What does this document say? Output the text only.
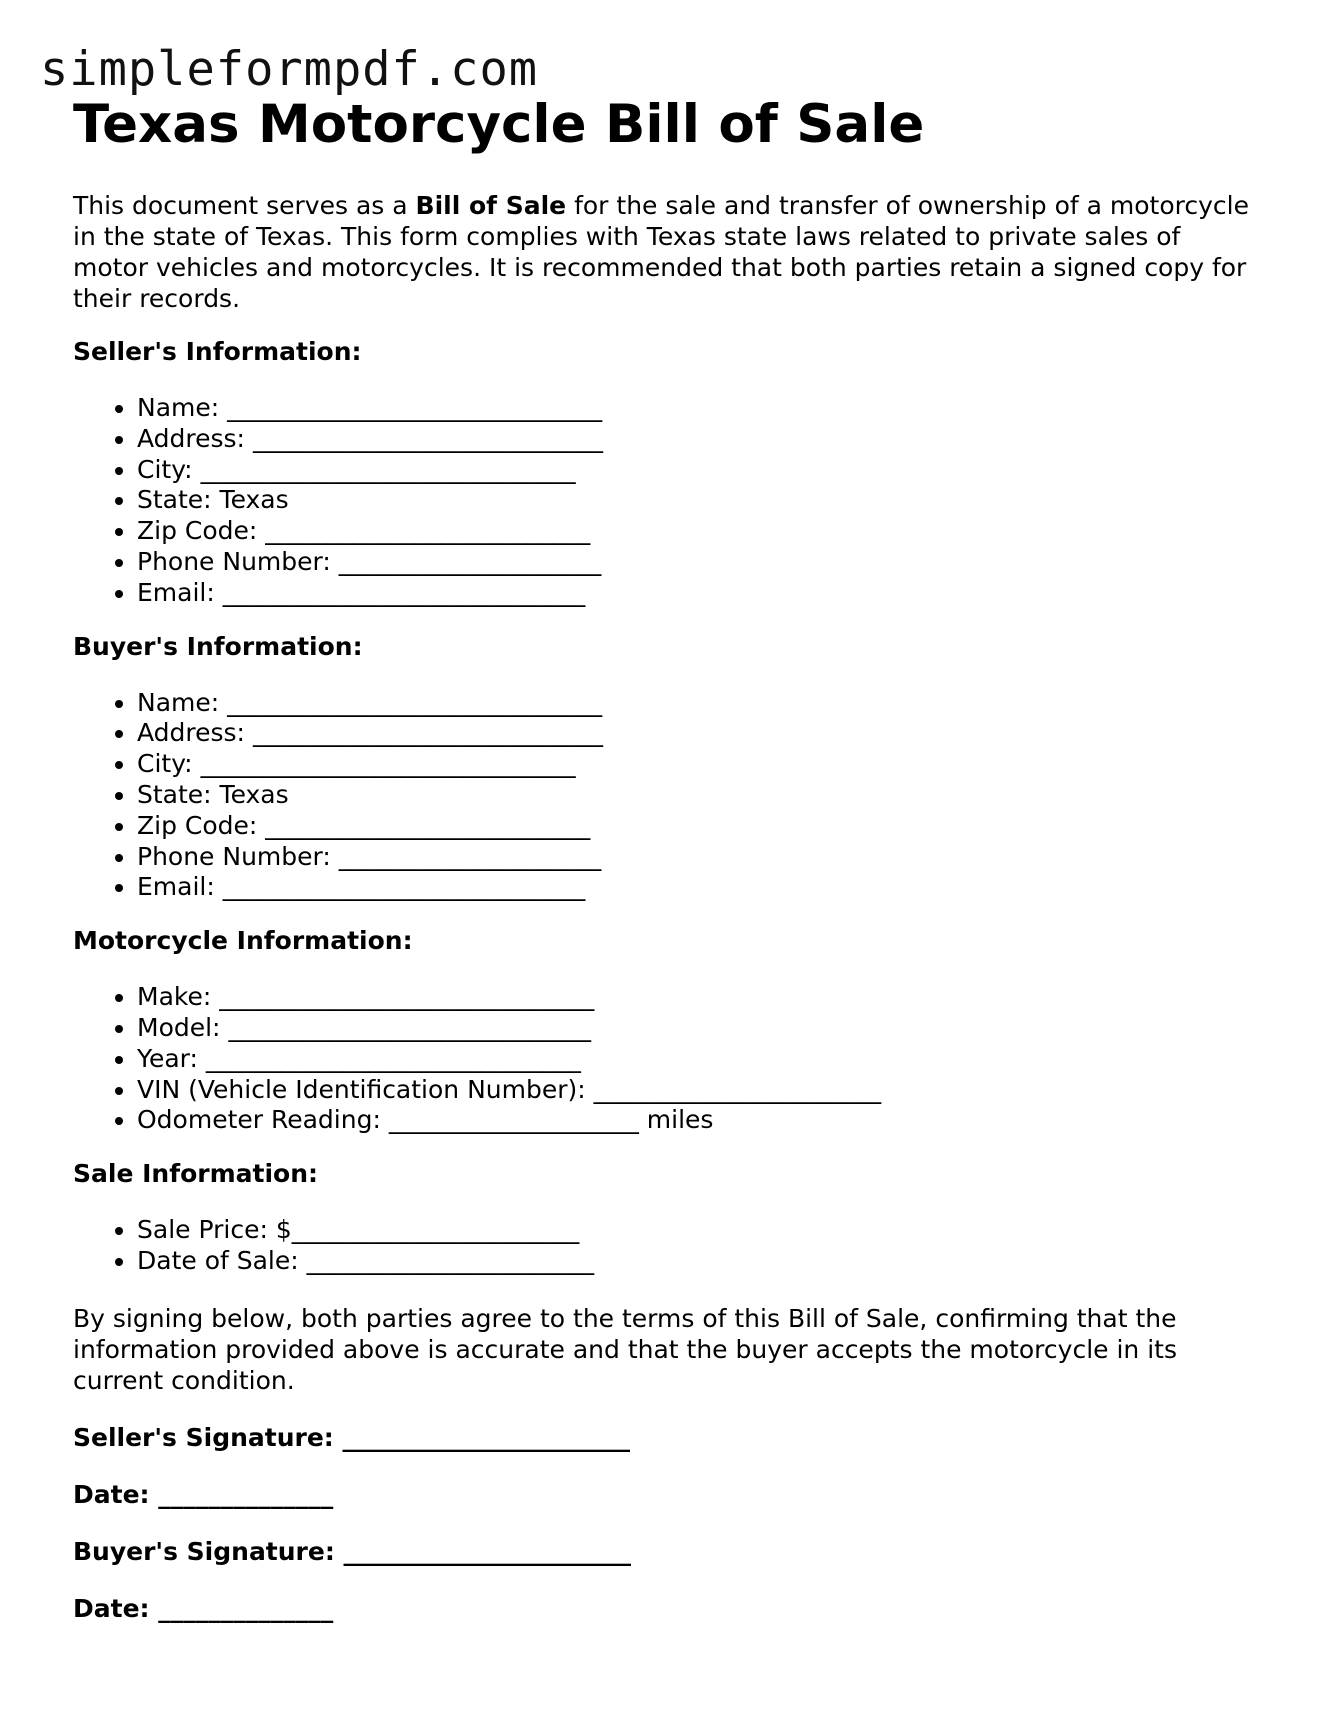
simpleformpdf.com
Texas Motorcycle Bill of Sale

This document serves as a Bill of Sale for the sale and transfer of ownership of a motorcycle in the state of Texas. This form complies with Texas state laws related to private sales of motor vehicles and motorcycles. It is recommended that both parties retain a signed copy for their records.

Seller's Information:

• Name: ______________________________
• Address: ____________________________
• City: ______________________________
• State: Texas
• Zip Code: __________________________
• Phone Number: _____________________
• Email: _____________________________

Buyer's Information:

• Name: ______________________________
• Address: ____________________________
• City: ______________________________
• State: Texas
• Zip Code: __________________________
• Phone Number: _____________________
• Email: _____________________________

Motorcycle Information:

• Make: ______________________________
• Model: _____________________________
• Year: ______________________________
• VIN (Vehicle Identification Number): _______________________
• Odometer Reading: ____________________ miles

Sale Information:

• Sale Price: $_______________________
• Date of Sale: _______________________

By signing below, both parties agree to the terms of this Bill of Sale, confirming that the information provided above is accurate and that the buyer accepts the motorcycle in its current condition.

Seller's Signature: _______________________

Date: ______________

Buyer's Signature: _______________________

Date: ______________
